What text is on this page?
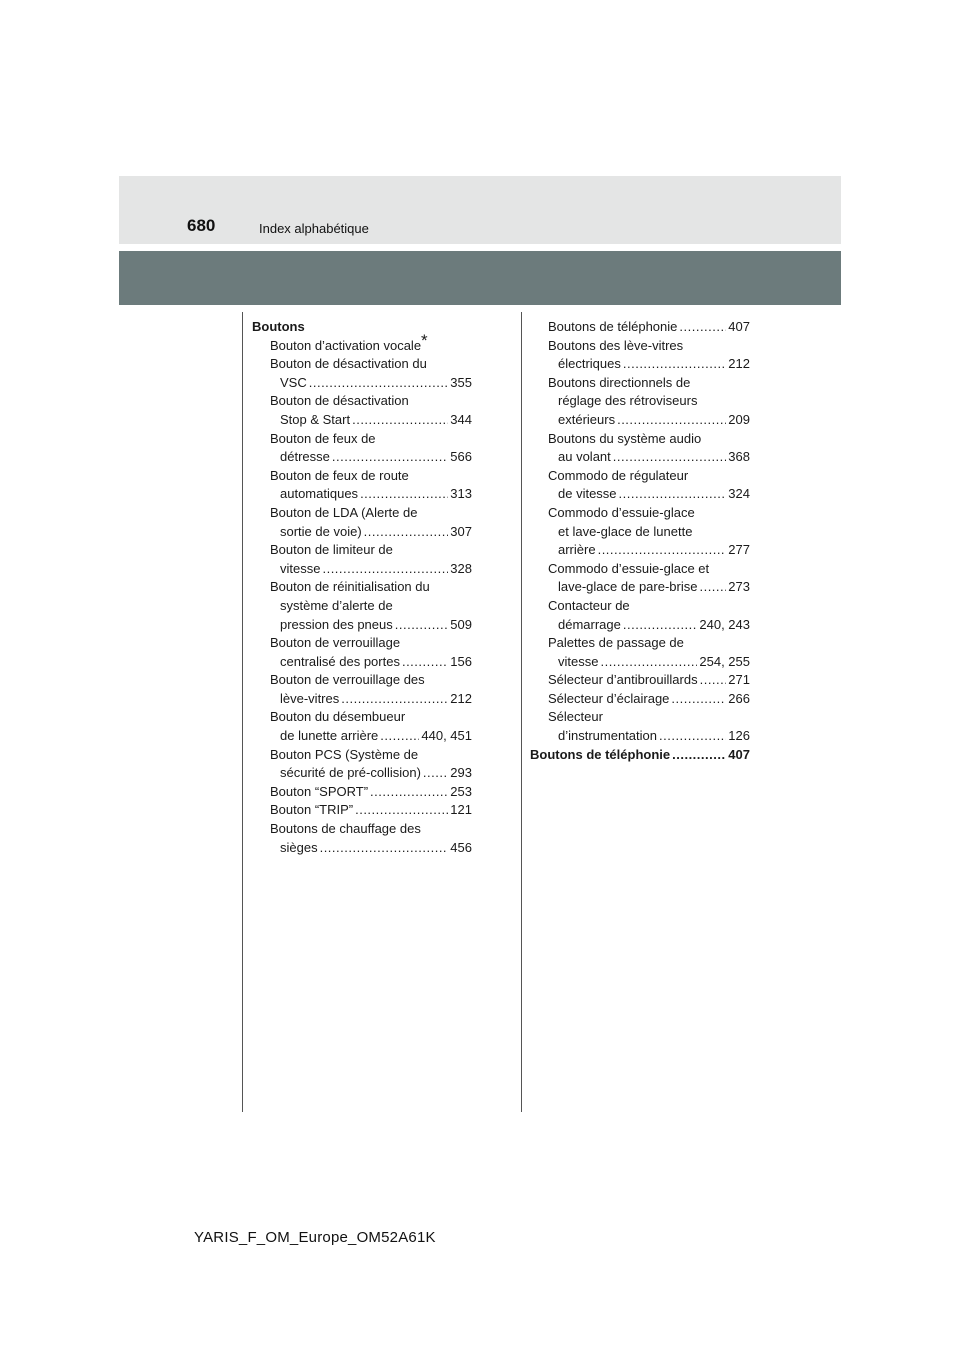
680	Index alphabétique
Boutons
Bouton d’activation vocale*
Bouton de désactivation du
VSC .....	355
Bouton de désactivation
Stop & Start .....	344
Bouton de feux de
détresse .....	566
Bouton de feux de route
automatiques .....	313
Bouton de LDA (Alerte de
sortie de voie) .....	307
Bouton de limiteur de
vitesse .....	328
Bouton de réinitialisation du
système d’alerte de
pression des pneus .....	509
Bouton de verrouillage
centralisé des portes .....	156
Bouton de verrouillage des
lève-vitres .....	212
Bouton du désembueur
de lunette arrière .....	440, 451
Bouton PCS (Système de
sécurité de pré-collision) ..... 293
Bouton “SPORT” .....	253
Bouton “TRIP” .....	121
Boutons de chauffage des
sièges .....	456
Boutons de téléphonie .....	407
Boutons des lève-vitres
électriques .....	212
Boutons directionnels de
réglage des rétroviseurs
extérieurs .....	209
Boutons du système audio
au volant .....	368
Commodo de régulateur
de vitesse .....	324
Commodo d’essuie-glace
et lave-glace de lunette
arrière .....	277
Commodo d’essuie-glace et
lave-glace de pare-brise ..... 273
Contacteur de
démarrage .....	240, 243
Palettes de passage de
vitesse .....	254, 255
Sélecteur d’antibrouillards ..... 271
Sélecteur d’éclairage .....	266
Sélecteur
d’instrumentation .....	126
Boutons de téléphonie .....	407
YARIS_F_OM_Europe_OM52A61K
